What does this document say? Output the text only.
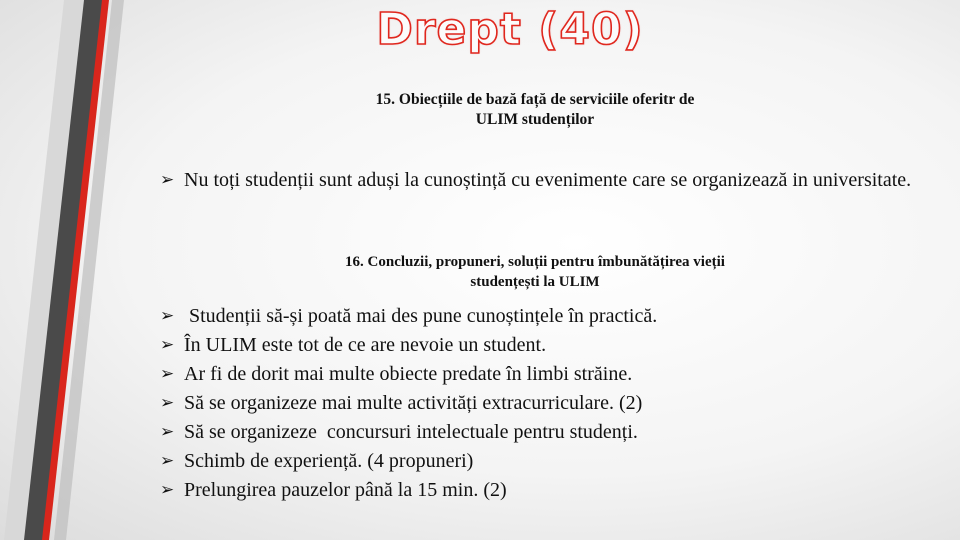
Drept (40)
15. Obiecțiile de bază față de serviciile oferitr de
ULIM studenților
➢ Nu toți studenții sunt aduși la cunoștință cu evenimente care se organizează in universitate.
16. Concluzii, propuneri, soluții pentru îmbunătățirea vieții
studențești la ULIM
➢ Studenții să-și poată mai des pune cunoștințele în practică.
➢ În ULIM este tot de ce are nevoie un student.
➢ Ar fi de dorit mai multe obiecte predate în limbi străine.
➢ Să se organizeze mai multe activități extracurriculare. (2)
➢ Să se organizeze  concursuri intelectuale pentru studenți.
➢ Schimb de experiență. (4 propuneri)
➢ Prelungirea pauzelor până la 15 min. (2)
